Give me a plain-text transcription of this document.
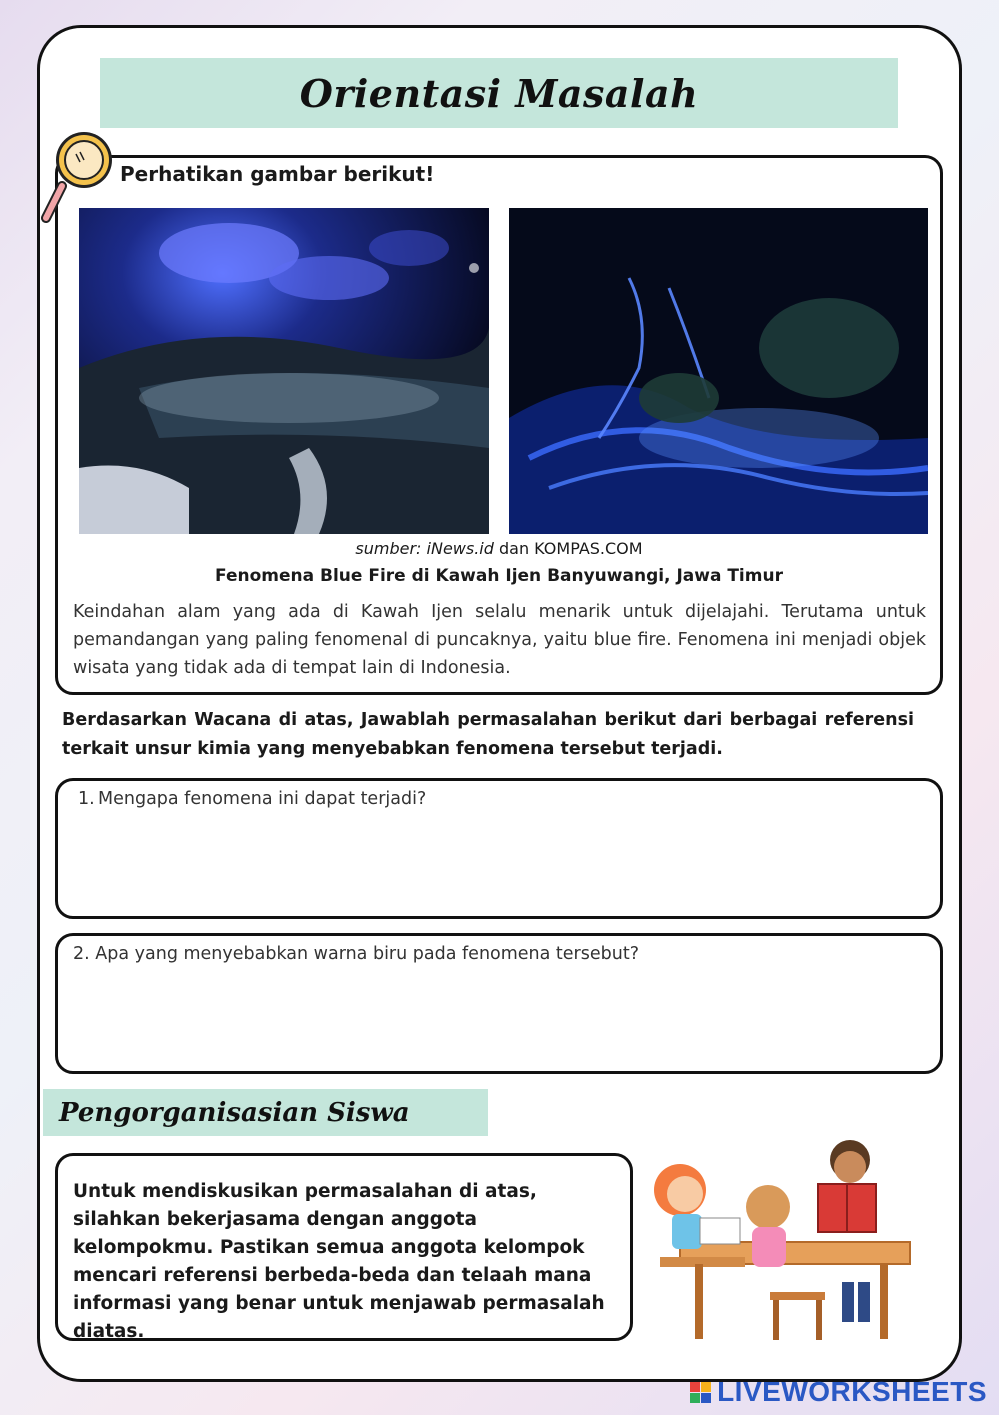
Orientasi Masalah
Perhatikan gambar berikut!
sumber: iNews.id dan KOMPAS.COM
Fenomena Blue Fire di Kawah Ijen Banyuwangi, Jawa Timur
Keindahan alam yang ada di Kawah Ijen selalu menarik untuk dijelajahi. Terutama untuk pemandangan yang paling fenomenal di puncaknya, yaitu blue fire. Fenomena ini menjadi objek wisata yang tidak ada di tempat lain di Indonesia.
Berdasarkan Wacana di atas, Jawablah permasalahan berikut dari berbagai referensi terkait unsur kimia yang menyebabkan fenomena tersebut terjadi.
1. Mengapa fenomena ini dapat terjadi?
2. Apa yang menyebabkan warna biru pada fenomena tersebut?
Pengorganisasian Siswa

Untuk mendiskusikan permasalahan di atas, silahkan bekerjasama dengan anggota kelompokmu. Pastikan semua anggota kelompok mencari referensi berbeda-beda dan telaah mana informasi yang benar untuk menjawab permasalah diatas.

LIVEWORKSHEETS
